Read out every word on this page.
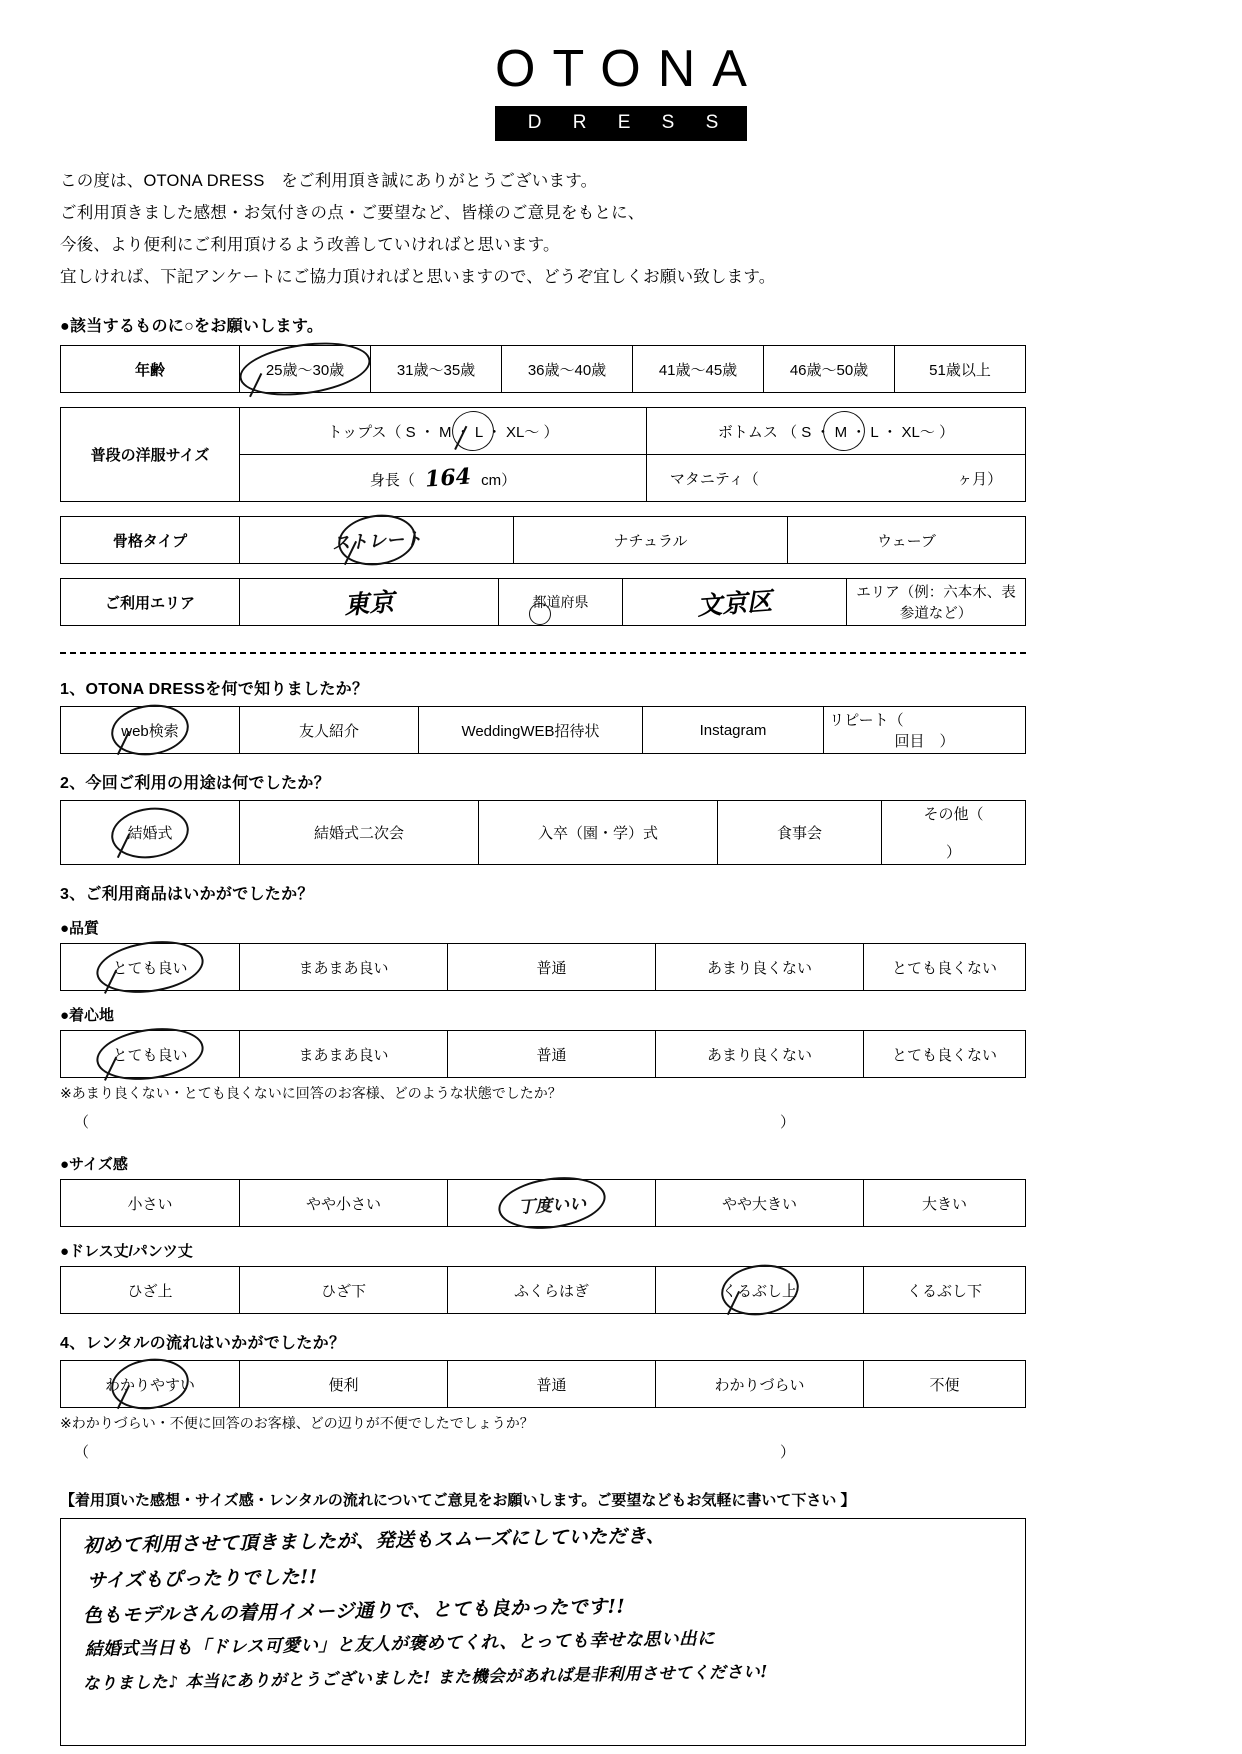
OTONA
D R E S S
この度は、OTONA DRESS　をご利用頂き誠にありがとうございます。
ご利用頂きました感想・お気付きの点・ご要望など、皆様のご意見をもとに、
今後、より便利にご利用頂けるよう改善していければと思います。
宜しければ、下記アンケートにご協力頂ければと思いますので、どうぞ宜しくお願い致します。
●該当するものに○をお願いします。
年齢	25歳～30歳	31歳～35歳	36歳～40歳	41歳～45歳	46歳～50歳	51歳以上
普段の洋服サイズ	トップス（ S ・ M ・ L ・ XL～ ）	ボトムス （ S ・ M ・ L ・ XL～ ）

	身長（ 164 cm）	マタニティ（ ヶ月）
骨格タイプ	ストレート	ナチュラル	ウェーブ
ご利用エリア	東京	都道府県	文京区	エリア（例：六本木、表参道など）
1、OTONA DRESSを何で知りましたか？
web検索	友人紹介	WeddingWEB招待状	Instagram	リピート（  回目　）
2、今回ご利用の用途は何でしたか？
結婚式	結婚式二次会	入卒（園・学）式	食事会	その他（  ）
3、ご利用商品はいかがでしたか？
●品質
とても良い	まあまあ良い	普通	あまり良くない	とても良くない
●着心地
とても良い	まあまあ良い	普通	あまり良くない	とても良くない
※あまり良くない・とても良くないに回答のお客様、どのような状態でしたか？
（	）
●サイズ感
小さい	やや小さい	丁度いい	やや大きい	大きい
●ドレス丈/パンツ丈
ひざ上	ひざ下	ふくらはぎ	くるぶし上	くるぶし下
4、レンタルの流れはいかがでしたか？
わかりやすい	便利	普通	わかりづらい	不便
※わかりづらい・不便に回答のお客様、どの辺りが不便でしたでしょうか？
（	）
【着用頂いた感想・サイズ感・レンタルの流れについてご意見をお願いします。ご要望などもお気軽に書いて下さい 】
初めて利用させて頂きましたが、発送もスムーズにしていただき、
サイズもぴったりでした!!
色もモデルさんの着用イメージ通りで、とても良かったです!!
結婚式当日も「ドレス可愛い」と友人が褒めてくれ、とっても幸せな思い出に
なりました♪ 本当にありがとうございました! また機会があれば是非利用させてください!
